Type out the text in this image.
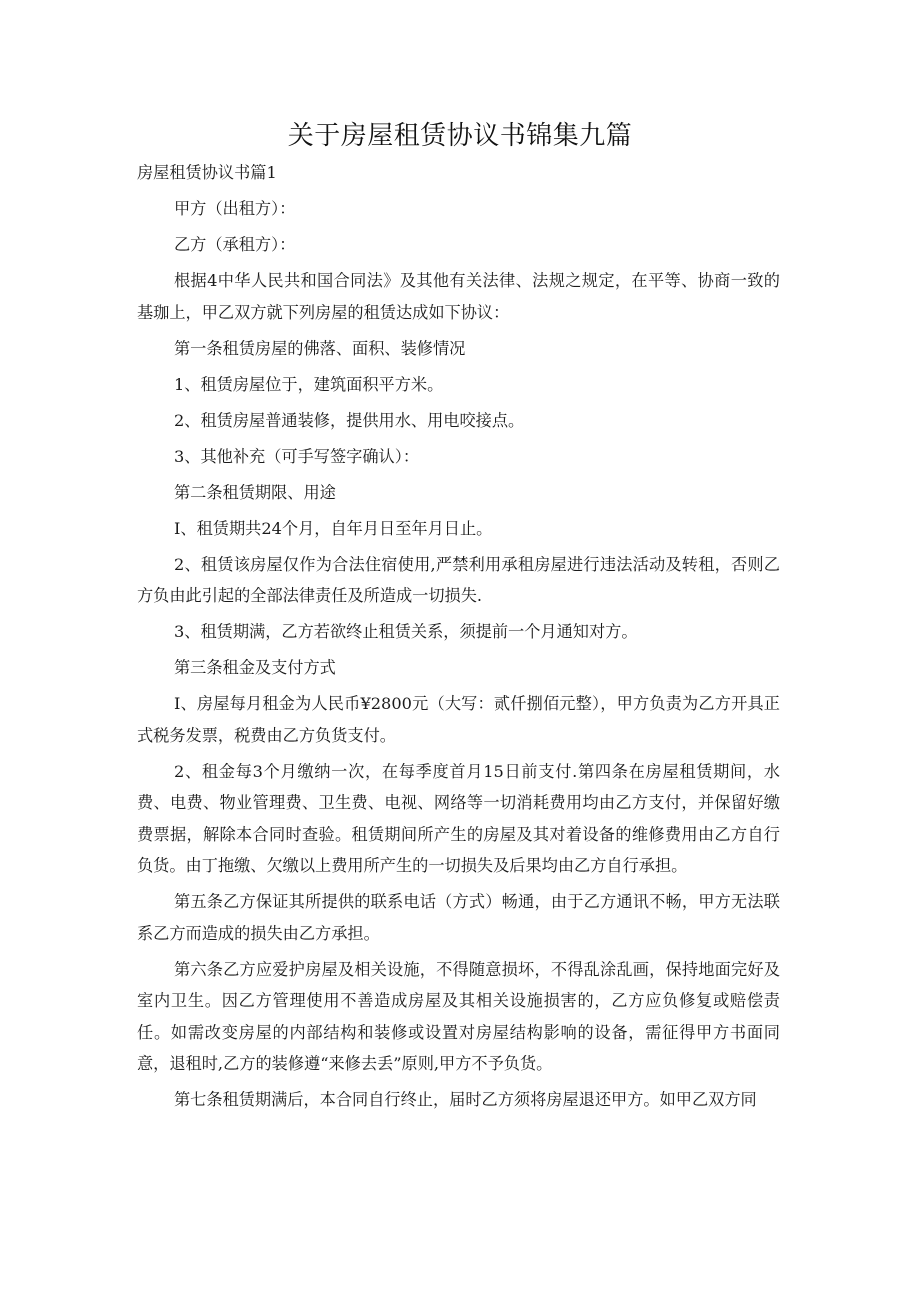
关于房屋租赁协议书锦集九篇

房屋租赁协议书篇1

甲方（出租方）：

乙方（承租方）：

根据4中华人民共和国合同法》及其他有关法律、法规之规定，在平等、协商一致的基珈上，甲乙双方就下列房屋的租赁达成如下协议：

第一条租赁房屋的佛落、面积、装修情况

1、租赁房屋位于，建筑面积平方米。

2、租赁房屋普通装修，提供用水、用电咬接点。

3、其他补充（可手写签字确认）：

第二条租赁期限、用途

I、租赁期共24个月，自年月日至年月日止。

2、租赁该房屋仅作为合法住宿使用,严禁利用承租房屋进行违法活动及转租，否则乙方负由此引起的全部法律责任及所造成一切损失.

3、租赁期满，乙方若欲终止租赁关系，须提前一个月通知对方。

第三条租金及支付方式

I、房屋每月租金为人民币¥2800元（大写：贰仟捌佰元整），甲方负责为乙方开具正式税务发票，税费由乙方负货支付。

2、租金每3个月缴纳一次，在每季度首月15日前支付.第四条在房屋租赁期间，水费、电费、物业管理费、卫生费、电视、网络等一切消耗费用均由乙方支付，并保留好缴费票据，解除本合同时查验。租赁期间所产生的房屋及其对着设备的维修费用由乙方自行负货。由丁拖缴、欠缴以上费用所产生的一切损失及后果均由乙方自行承担。

第五条乙方保证其所提供的联系电话（方式）畅通，由于乙方通讯不畅，甲方无法联系乙方而造成的损失由乙方承担。

第六条乙方应爱护房屋及相关设施，不得随意损坏，不得乱涂乱画，保持地面完好及室内卫生。因乙方管理使用不善造成房屋及其相关设施损害的，乙方应负修复或赔偿责任。如需改变房屋的内部结构和装修或设置对房屋结构影响的设备，需征得甲方书面同意，退租时,乙方的装修遵“来修去丢”原则,甲方不予负货。

第七条租赁期满后，本合同自行终止，届时乙方须将房屋退还甲方。如甲乙双方同
